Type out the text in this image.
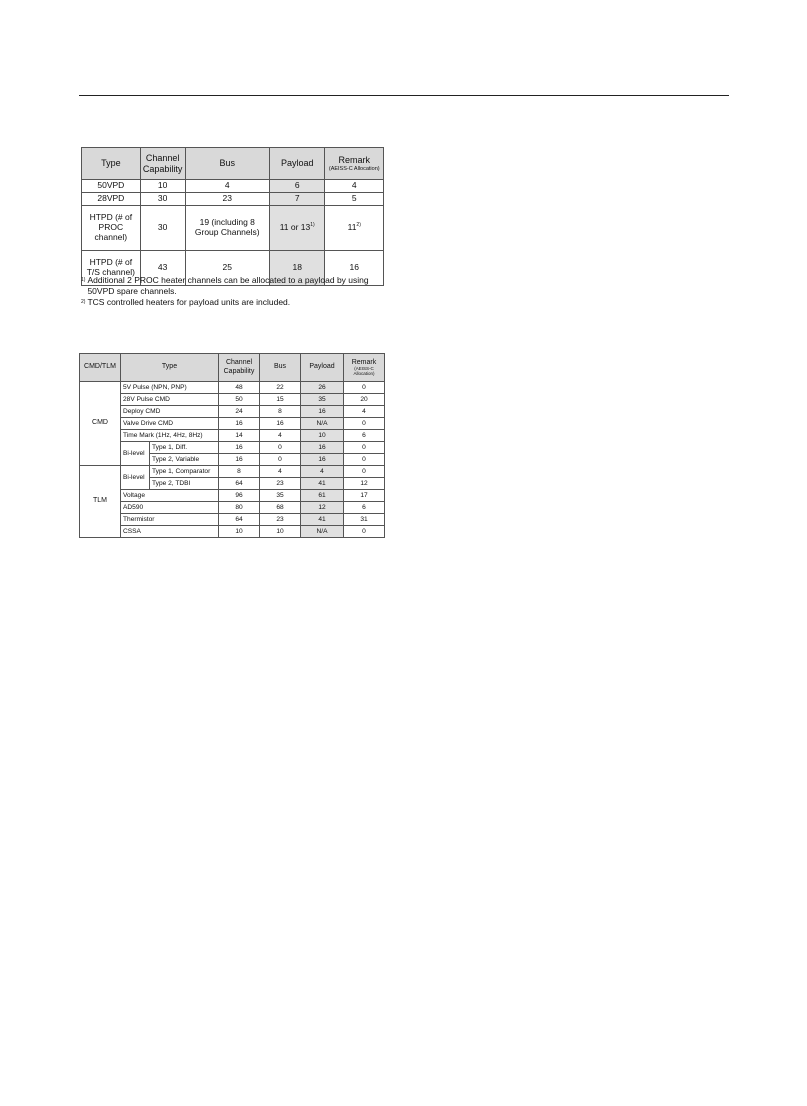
Type	Channel Capability	Bus	Payload	Remark
(AEISS-C Allocation)

50VPD	10	4	6	4
28VPD	30	23	7	5
HTPD (# of PROC channel)	30	19 (including 8 Group Channels)	11 or 13$^{1)}$	11$^{2)}$
HTPD (# of T/S channel)	43	25	18	16
1) Additional 2 PROC heater channels can be allocated to a payload by using 50VPD spare channels.
2) TCS controlled heaters for payload units are included.
CMD/TLM	Type		Channel Capability	Bus	Payload	Remark
(AEISS-C Allocation)

CMD	5V Pulse (NPN, PNP)		48	22	26	0
	28V Pulse CMD		50	15	35	20
	Deploy CMD		24	8	16	4
	Valve Drive CMD		16	16	N/A	0
	Time Mark (1Hz, 4Hz, 8Hz)		14	4	10	6
	Bi-level	Type 1, Diff.	16	0	16	0
		Type 2, Variable	16	0	16	0
TLM	Bi-level	Type 1, Comparator	8	4	4	0
		Type 2, TDBI	64	23	41	12
	Voltage		96	35	61	17
	AD590		80	68	12	6
	Thermistor		64	23	41	31
	CSSA		10	10	N/A	0
